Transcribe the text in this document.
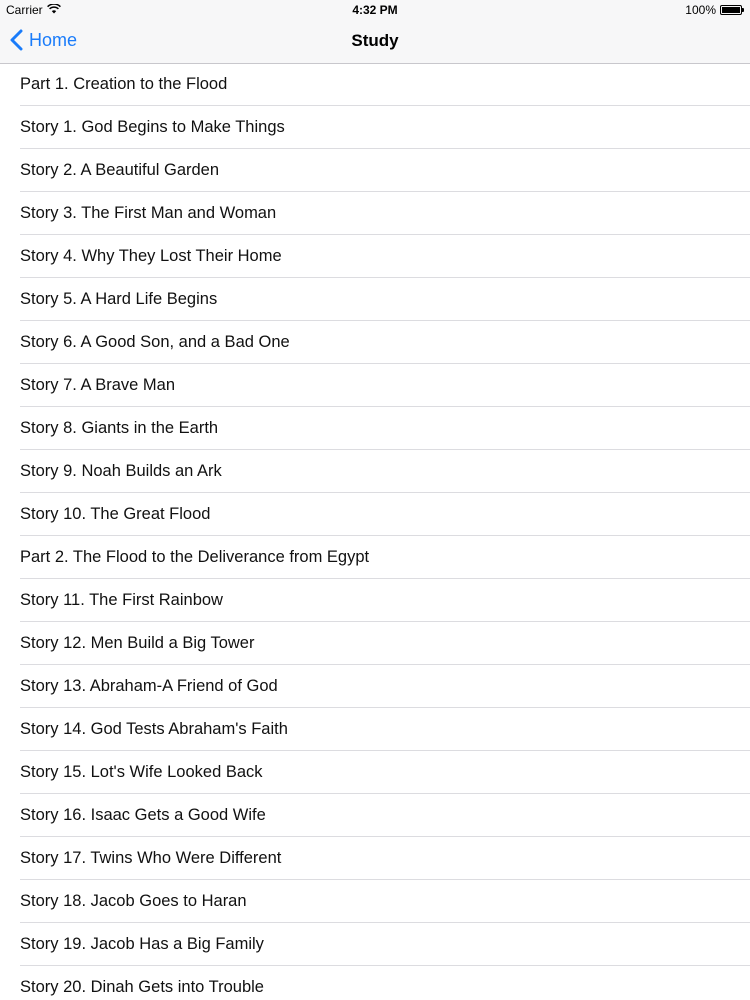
Carrier	4:32 PM	100%
Home	Study
Part 1. Creation to the Flood
Story 1. God Begins to Make Things
Story 2. A Beautiful Garden
Story 3. The First Man and Woman
Story 4. Why They Lost Their Home
Story 5. A Hard Life Begins
Story 6. A Good Son, and a Bad One
Story 7. A Brave Man
Story 8. Giants in the Earth
Story 9. Noah Builds an Ark
Story 10. The Great Flood
Part 2. The Flood to the Deliverance from Egypt
Story 11. The First Rainbow
Story 12. Men Build a Big Tower
Story 13. Abraham-A Friend of God
Story 14. God Tests Abraham's Faith
Story 15. Lot's Wife Looked Back
Story 16. Isaac Gets a Good Wife
Story 17. Twins Who Were Different
Story 18. Jacob Goes to Haran
Story 19. Jacob Has a Big Family
Story 20. Dinah Gets into Trouble
